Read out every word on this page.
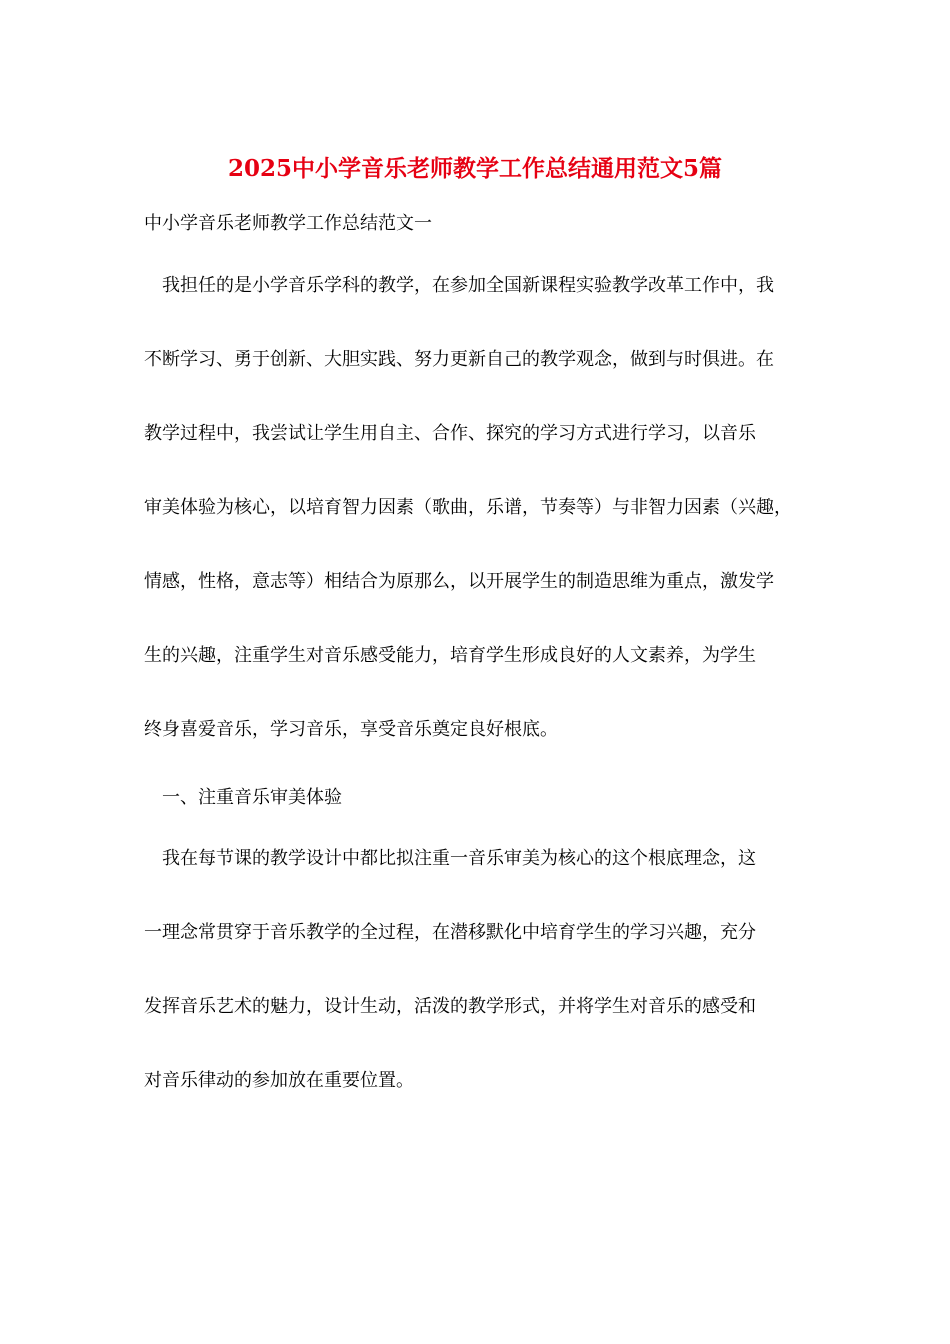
2025中小学音乐老师教学工作总结通用范文5篇

中小学音乐老师教学工作总结范文一

我担任的是小学音乐学科的教学，在参加全国新课程实验教学改革工作中，我
不断学习、勇于创新、大胆实践、努力更新自己的教学观念，做到与时俱进。在
教学过程中，我尝试让学生用自主、合作、探究的学习方式进行学习，以音乐
审美体验为核心，以培育智力因素（歌曲，乐谱，节奏等）与非智力因素（兴趣，
情感，性格，意志等）相结合为原那么，以开展学生的制造思维为重点，激发学
生的兴趣，注重学生对音乐感受能力，培育学生形成良好的人文素养，为学生
终身喜爱音乐，学习音乐，享受音乐奠定良好根底。

一、注重音乐审美体验

我在每节课的教学设计中都比拟注重一音乐审美为核心的这个根底理念，这
一理念常贯穿于音乐教学的全过程，在潜移默化中培育学生的学习兴趣，充分
发挥音乐艺术的魅力，设计生动，活泼的教学形式，并将学生对音乐的感受和
对音乐律动的参加放在重要位置。
